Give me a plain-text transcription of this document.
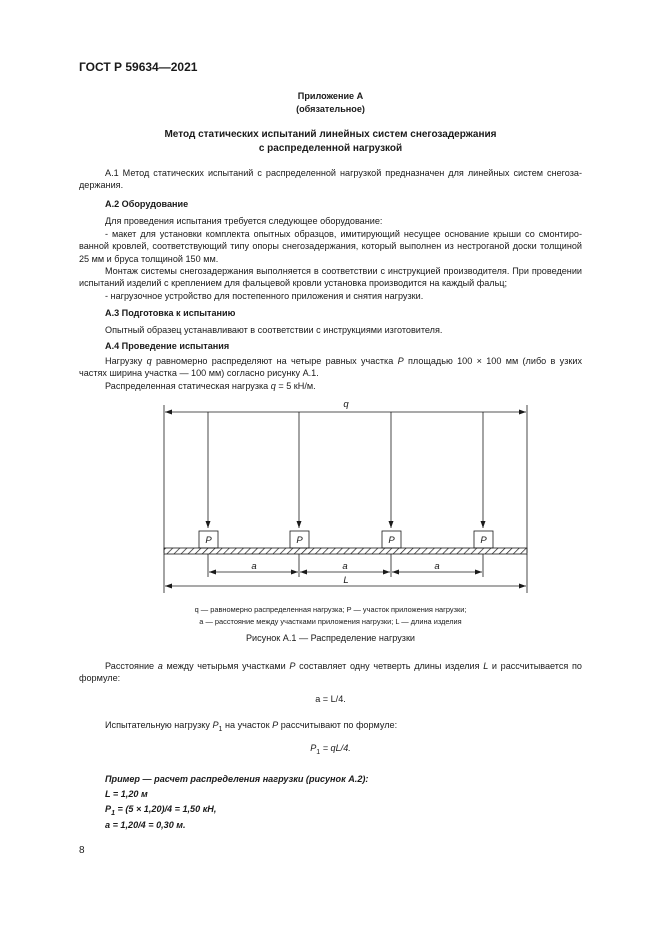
ГОСТ Р 59634—2021
Приложение А
(обязательное)
Метод статических испытаний линейных систем снегозадержания
с распределенной нагрузкой
А.1 Метод статических испытаний с распределенной нагрузкой предназначен для линейных систем снегозадержания.
А.2 Оборудование
Для проведения испытания требуется следующее оборудование:
- макет для установки комплекта опытных образцов, имитирующий несущее основание крыши со смонтированной кровлей, соответствующий типу опоры снегозадержания, который выполнен из нестроганой доски толщиной 25 мм и бруса толщиной 150 мм.
Монтаж системы снегозадержания выполняется в соответствии с инструкцией производителя. При проведении испытаний изделий с креплением для фальцевой кровли установка производится на каждый фальц;
- нагрузочное устройство для постепенного приложения и снятия нагрузки.
А.3 Подготовка к испытанию
Опытный образец устанавливают в соответствии с инструкциями изготовителя.
А.4 Проведение испытания
Нагрузку q равномерно распределяют на четыре равных участка P площадью 100 × 100 мм (либо в узких частях ширина участка — 100 мм) согласно рисунку А.1.
Распределенная статическая нагрузка q = 5 кН/м.
q
P	P	P	P
a	a	a
L
q — равномерно распределенная нагрузка; P — участок приложения нагрузки;
a — расстояние между участками приложения нагрузки; L — длина изделия
Рисунок А.1 — Распределение нагрузки
Расстояние a между четырьмя участками P составляет одну четверть длины изделия L и рассчитывается по формуле:
a = L/4.
Испытательную нагрузку $P_1$ на участок P рассчитывают по формуле:
$P_1 = qL/4$.
Пример — расчет распределения нагрузки (рисунок А.2):
L = 1,20 м
$P_1 = (5 \times 1,20)/4 = 1,50$ кН,
a = 1,20/4 = 0,30 м.
8
